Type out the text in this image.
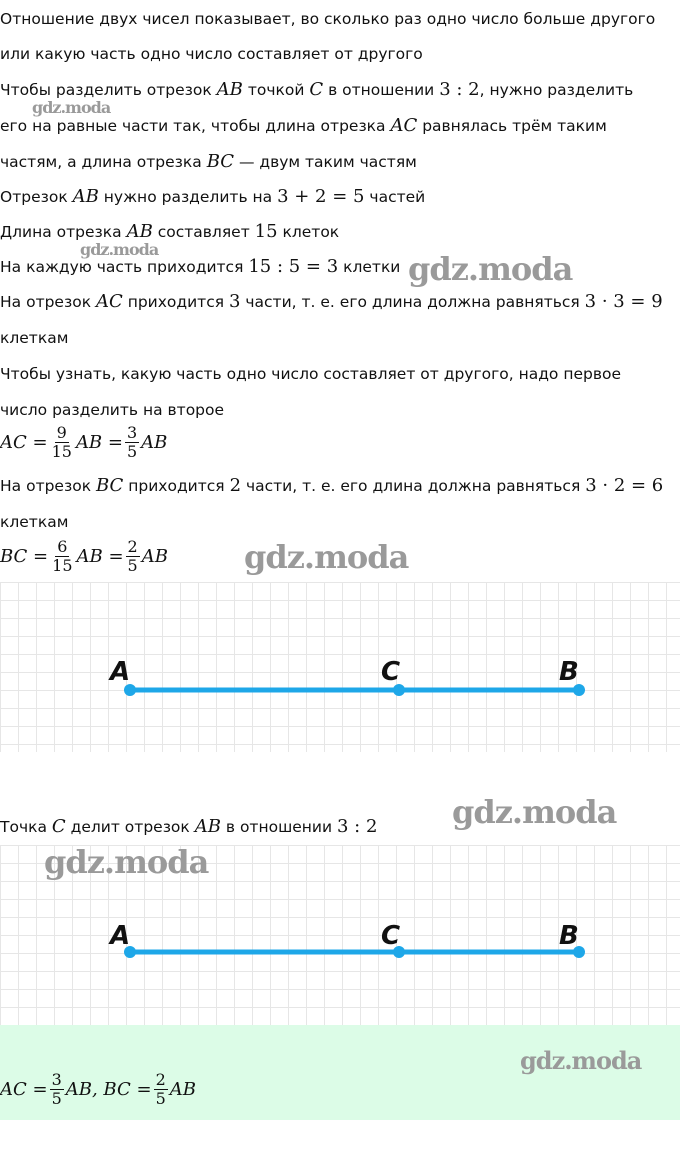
Отношение двух чисел показывает, во сколько раз одно число больше другого
или какую часть одно число составляет от другого
Чтобы разделить отрезок AB точкой C в отношении 3 : 2, нужно разделить
его на равные части так, чтобы длина отрезка AC равнялась трём таким
частям, а длина отрезка BC — двум таким частям
Отрезок AB нужно разделить на 3 + 2 = 5 частей
Длина отрезка AB составляет 15 клеток
На каждую часть приходится 15 : 5 = 3 клетки
На отрезок AC приходится 3 части, т. е. его длина должна равняться 3 · 3 = 9
клеткам
Чтобы узнать, какую часть одно число составляет от другого, надо первое
число разделить на второе
AC = $\frac{9}{15}$ AB = $\frac{3}{5}$ AB
На отрезок BC приходится 2 части, т. е. его длина должна равняться 3 · 2 = 6
клеткам
BC = $\frac{6}{15}$ AB = $\frac{2}{5}$ AB
A	C	B
Точка C делит отрезок AB в отношении 3 : 2
A	C	B
AC = $\frac{3}{5}$ AB, BC = $\frac{2}{5}$ AB
gdz.moda
gdz.moda
gdz.moda
gdz.moda
gdz.moda
gdz.moda
gdz.moda
